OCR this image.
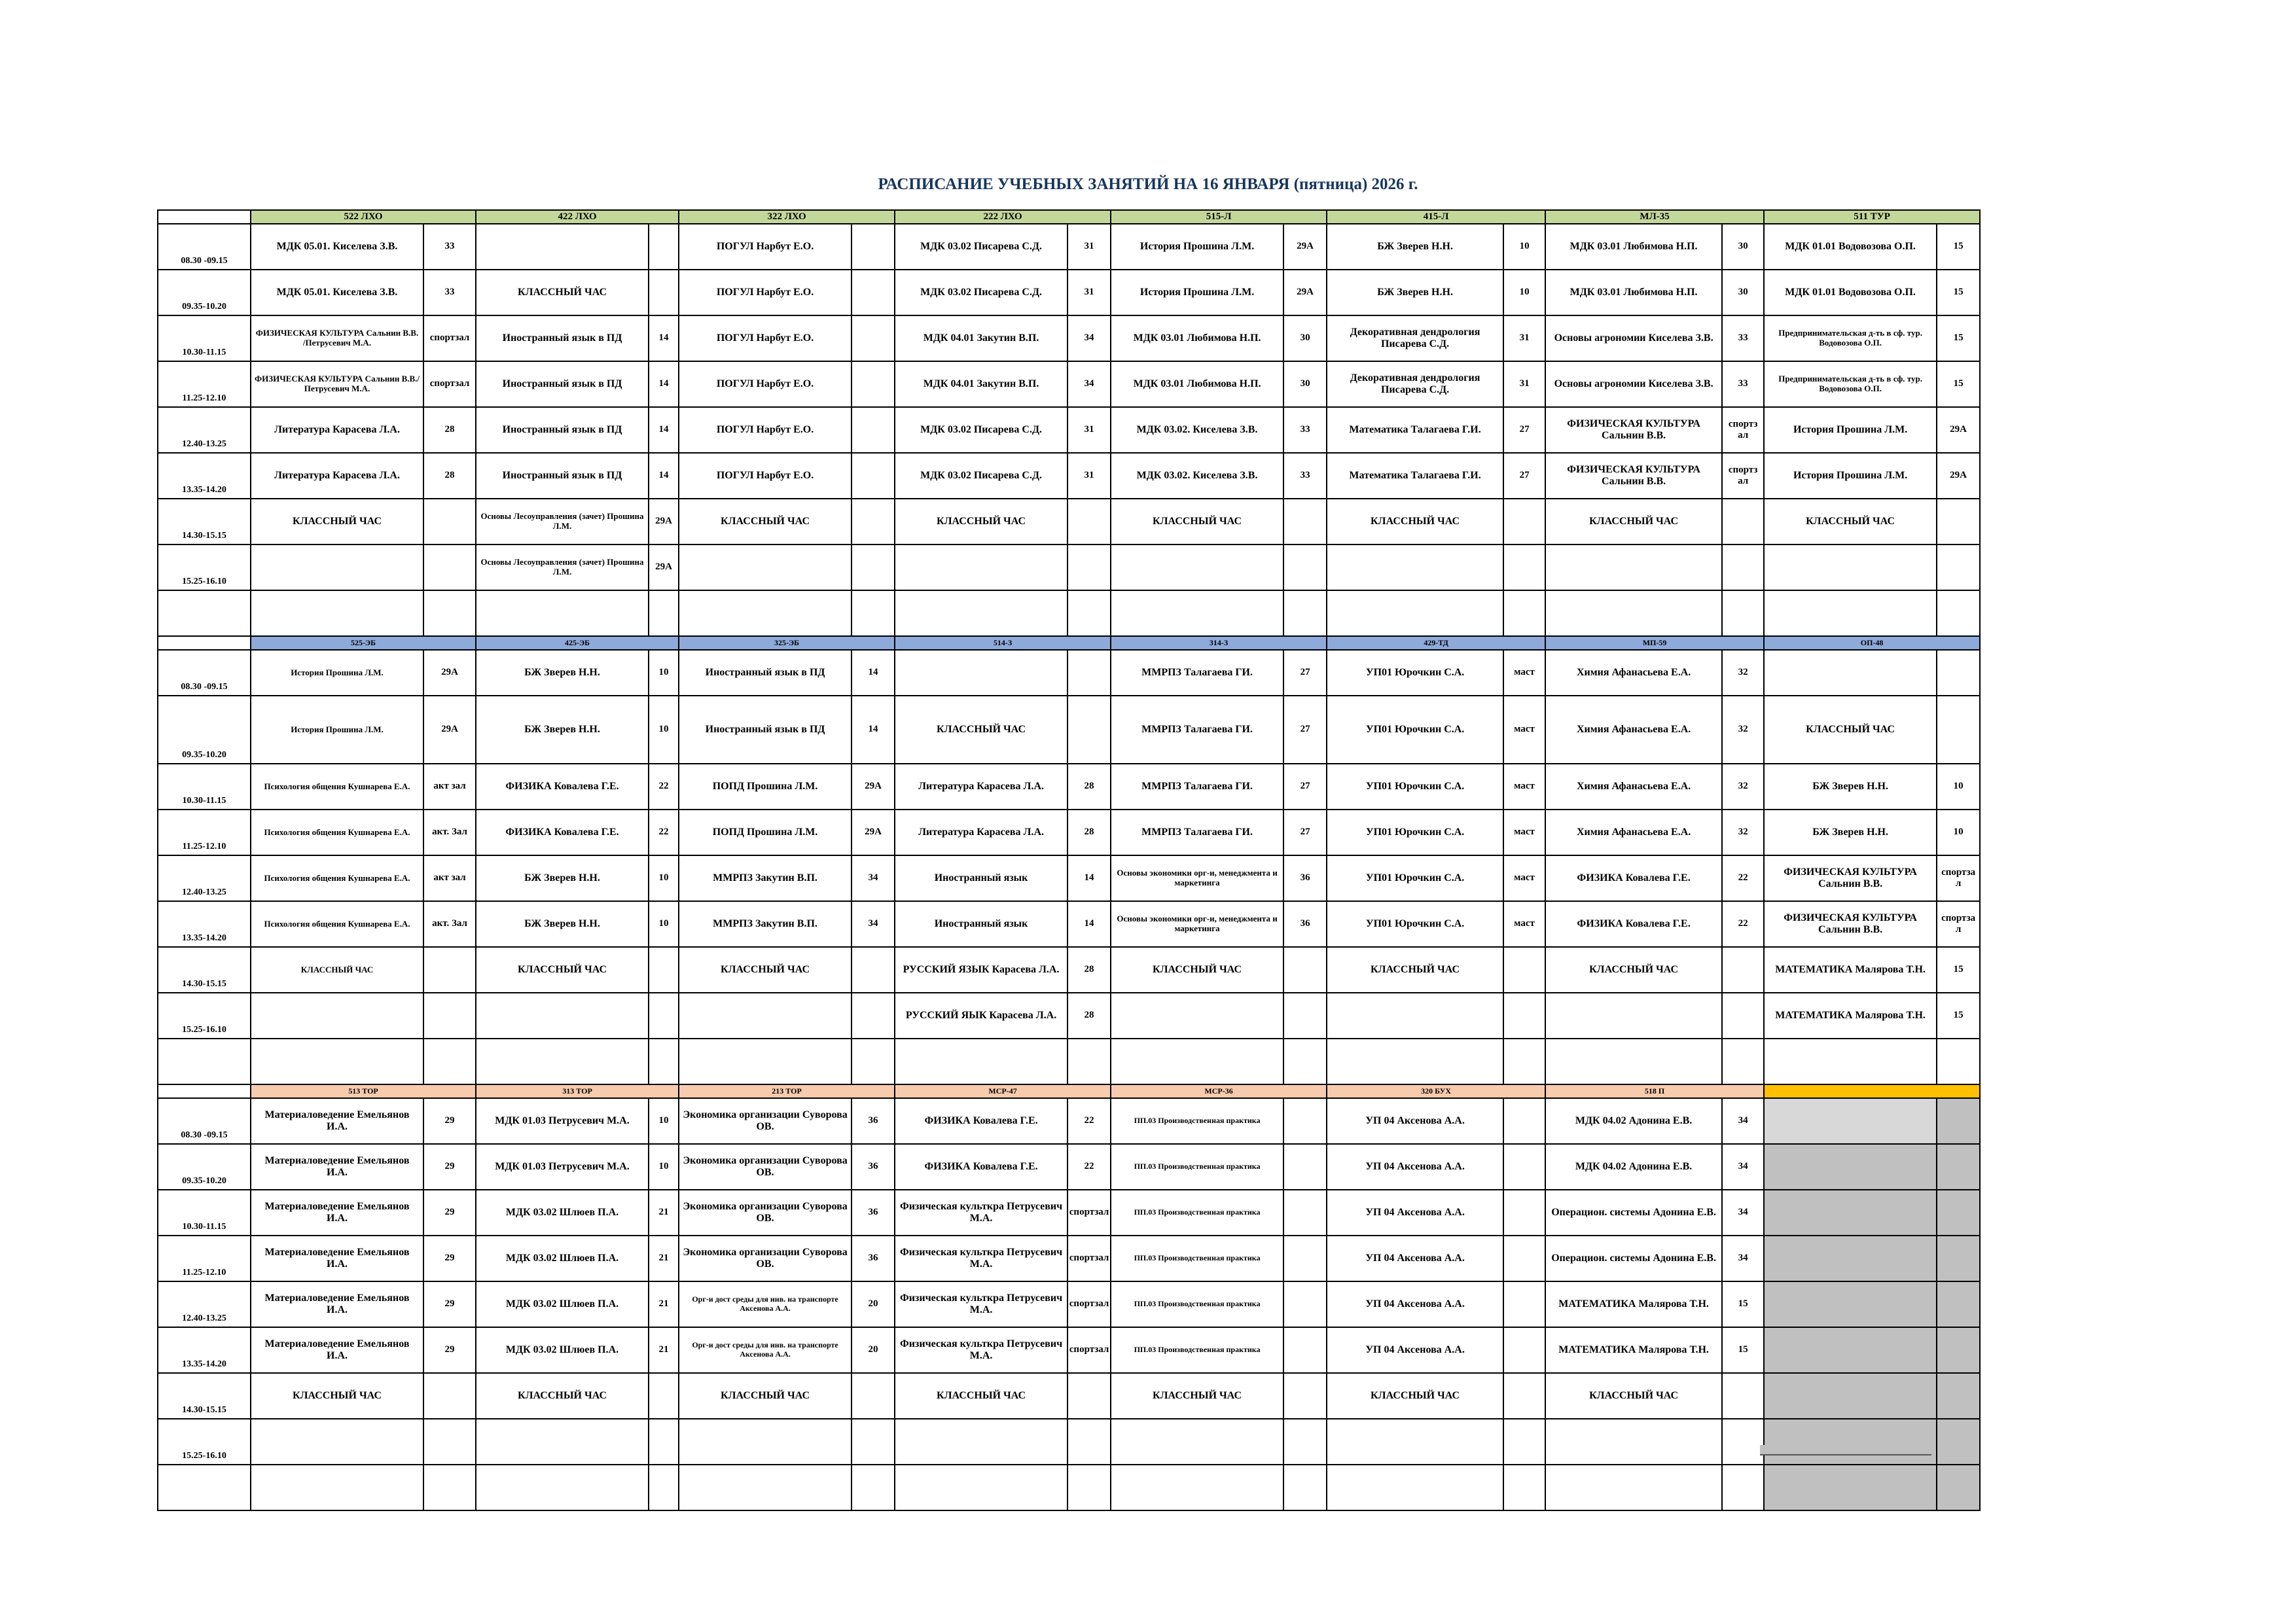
РАСПИСАНИЕ УЧЕБНЫХ ЗАНЯТИЙ НА 16 ЯНВАРЯ (пятница) 2026 г.
	522 ЛХО		422 ЛХО		322 ЛХО		222 ЛХО		515-Л		415-Л		МЛ-35		511 ТУР	
08.30 -09.15	МДК 05.01. Киселева З.В.	33			ПОГУЛ Нарбут Е.О.		МДК 03.02 Писарева С.Д.	31	История Прошина Л.М.	29А	БЖ Зверев Н.Н.	10	МДК 03.01 Любимова Н.П.	30	МДК 01.01 Водовозова О.П.	15
09.35-10.20	МДК 05.01. Киселева З.В.	33	КЛАССНЫЙ ЧАС		ПОГУЛ Нарбут Е.О.		МДК 03.02 Писарева С.Д.	31	История Прошина Л.М.	29А	БЖ Зверев Н.Н.	10	МДК 03.01 Любимова Н.П.	30	МДК 01.01 Водовозова О.П.	15
10.30-11.15	ФИЗИЧЕСКАЯ КУЛЬТУРА Сальнин В.В. /Петрусевич М.А.	спортзал	Иностранный язык в ПД	14	ПОГУЛ Нарбут Е.О.		МДК 04.01 Закутин В.П.	34	МДК 03.01 Любимова Н.П.	30	Декоративная дендрология Писарева С.Д.	31	Основы агрономии Киселева З.В.	33	Предпринимательская д-ть в сф. тур. Водовозова О.П.	15
11.25-12.10	ФИЗИЧЕСКАЯ КУЛЬТУРА Сальнин В.В./Петрусевич М.А.	спортзал	Иностранный язык в ПД	14	ПОГУЛ Нарбут Е.О.		МДК 04.01 Закутин В.П.	34	МДК 03.01 Любимова Н.П.	30	Декоративная дендрология Писарева С.Д.	31	Основы агрономии Киселева З.В.	33	Предпринимательская д-ть в сф. тур. Водовозова О.П.	15
12.40-13.25	Литература Карасева Л.А.	28	Иностранный язык в ПД	14	ПОГУЛ Нарбут Е.О.		МДК 03.02 Писарева С.Д.	31	МДК 03.02. Киселева З.В.	33	Математика Талагаева Г.И.	27	ФИЗИЧЕСКАЯ КУЛЬТУРА Сальнин В.В.	спортз ал	История Прошина Л.М.	29А
13.35-14.20	Литература Карасева Л.А.	28	Иностранный язык в ПД	14	ПОГУЛ Нарбут Е.О.		МДК 03.02 Писарева С.Д.	31	МДК 03.02. Киселева З.В.	33	Математика Талагаева Г.И.	27	ФИЗИЧЕСКАЯ КУЛЬТУРА Сальнин В.В.	спортз ал	История Прошина Л.М.	29А
14.30-15.15	КЛАССНЫЙ ЧАС		Основы Лесоуправления (зачет) Прошина Л.М.	29А	КЛАССНЫЙ ЧАС		КЛАССНЫЙ ЧАС		КЛАССНЫЙ ЧАС		КЛАССНЫЙ ЧАС		КЛАССНЫЙ ЧАС		КЛАССНЫЙ ЧАС	
15.25-16.10			Основы Лесоуправления (зачет) Прошина Л.М.	29А												

	525-ЭБ		425-ЭБ		325-ЭБ		514-З		314-З		429-ТД		МП-59		ОП-48	
08.30 -09.15	История Прошина Л.М.	29А	БЖ Зверев Н.Н.	10	Иностранный язык в ПД	14			ММРПЗ Талагаева ГИ.	27	УП01 Юрочкин С.А.	маст	Химия Афанасьева Е.А.	32		
09.35-10.20	История Прошина Л.М.	29А	БЖ Зверев Н.Н.	10	Иностранный язык в ПД	14	КЛАССНЫЙ ЧАС		ММРПЗ Талагаева ГИ.	27	УП01 Юрочкин С.А.	маст	Химия Афанасьева Е.А.	32	КЛАССНЫЙ ЧАС	
10.30-11.15	Психология общения Кушнарева Е.А.	акт зал	ФИЗИКА Ковалева Г.Е.	22	ПОПД Прошина Л.М.	29А	Литература Карасева Л.А.	28	ММРПЗ Талагаева ГИ.	27	УП01 Юрочкин С.А.	маст	Химия Афанасьева Е.А.	32	БЖ Зверев Н.Н.	10
11.25-12.10	Психология общения Кушнарева Е.А.	акт. Зал	ФИЗИКА Ковалева Г.Е.	22	ПОПД Прошина Л.М.	29А	Литература Карасева Л.А.	28	ММРПЗ Талагаева ГИ.	27	УП01 Юрочкин С.А.	маст	Химия Афанасьева Е.А.	32	БЖ Зверев Н.Н.	10
12.40-13.25	Психология общения Кушнарева Е.А.	акт зал	БЖ Зверев Н.Н.	10	ММРПЗ Закутин В.П.	34	Иностранный язык	14	Основы экономики орг-и, менеджмента и маркетинга	36	УП01 Юрочкин С.А.	маст	ФИЗИКА Ковалева Г.Е.	22	ФИЗИЧЕСКАЯ КУЛЬТУРА Сальнин В.В.	спортза л
13.35-14.20	Психология общения Кушнарева Е.А.	акт. Зал	БЖ Зверев Н.Н.	10	ММРПЗ Закутин В.П.	34	Иностранный язык	14	Основы экономики орг-и, менеджмента и маркетинга	36	УП01 Юрочкин С.А.	маст	ФИЗИКА Ковалева Г.Е.	22	ФИЗИЧЕСКАЯ КУЛЬТУРА Сальнин В.В.	спортза л
14.30-15.15	КЛАССНЫЙ ЧАС		КЛАССНЫЙ ЧАС		КЛАССНЫЙ ЧАС		РУССКИЙ ЯЗЫК Карасева Л.А.	28	КЛАССНЫЙ ЧАС		КЛАССНЫЙ ЧАС		КЛАССНЫЙ ЧАС		МАТЕМАТИКА Малярова Т.Н.	15
15.25-16.10							РУССКИЙ ЯЫК Карасева Л.А.	28							МАТЕМАТИКА Малярова Т.Н.	15

	513 ТОР		313 ТОР		213 ТОР		МСР-47		МСР-36		320 БУХ		518 П			
08.30 -09.15	Материаловедение Емельянов И.А.	29	МДК 01.03 Петрусевич М.А.	10	Экономика организации Суворова ОВ.	36	ФИЗИКА Ковалева Г.Е.	22	ПП.03 Производственная практика		УП 04 Аксенова А.А.		МДК 04.02 Адонина Е.В.	34		
09.35-10.20	Материаловедение Емельянов И.А.	29	МДК 01.03 Петрусевич М.А.	10	Экономика организации Суворова ОВ.	36	ФИЗИКА Ковалева Г.Е.	22	ПП.03 Производственная практика		УП 04 Аксенова А.А.		МДК 04.02 Адонина Е.В.	34		
10.30-11.15	Материаловедение Емельянов И.А.	29	МДК 03.02 Шлюев П.А.	21	Экономика организации Суворова ОВ.	36	Физическая культкра Петрусевич М.А.	спортзал	ПП.03 Производственная практика		УП 04 Аксенова А.А.		Операцион. системы Адонина Е.В.	34		
11.25-12.10	Материаловедение Емельянов И.А.	29	МДК 03.02 Шлюев П.А.	21	Экономика организации Суворова ОВ.	36	Физическая культкра Петрусевич М.А.	спортзал	ПП.03 Производственная практика		УП 04 Аксенова А.А.		Операцион. системы Адонина Е.В.	34		
12.40-13.25	Материаловедение Емельянов И.А.	29	МДК 03.02 Шлюев П.А.	21	Орг-и дост среды для инв. на транспорте Аксенова А.А.	20	Физическая культкра Петрусевич М.А.	спортзал	ПП.03 Производственная практика		УП 04 Аксенова А.А.		МАТЕМАТИКА Малярова Т.Н.	15		
13.35-14.20	Материаловедение Емельянов И.А.	29	МДК 03.02 Шлюев П.А.	21	Орг-и дост среды для инв. на транспорте Аксенова А.А.	20	Физическая культкра Петрусевич М.А.	спортзал	ПП.03 Производственная практика		УП 04 Аксенова А.А.		МАТЕМАТИКА Малярова Т.Н.	15		
14.30-15.15	КЛАССНЫЙ ЧАС		КЛАССНЫЙ ЧАС		КЛАССНЫЙ ЧАС		КЛАССНЫЙ ЧАС		КЛАССНЫЙ ЧАС		КЛАССНЫЙ ЧАС		КЛАССНЫЙ ЧАС			
15.25-16.10																
